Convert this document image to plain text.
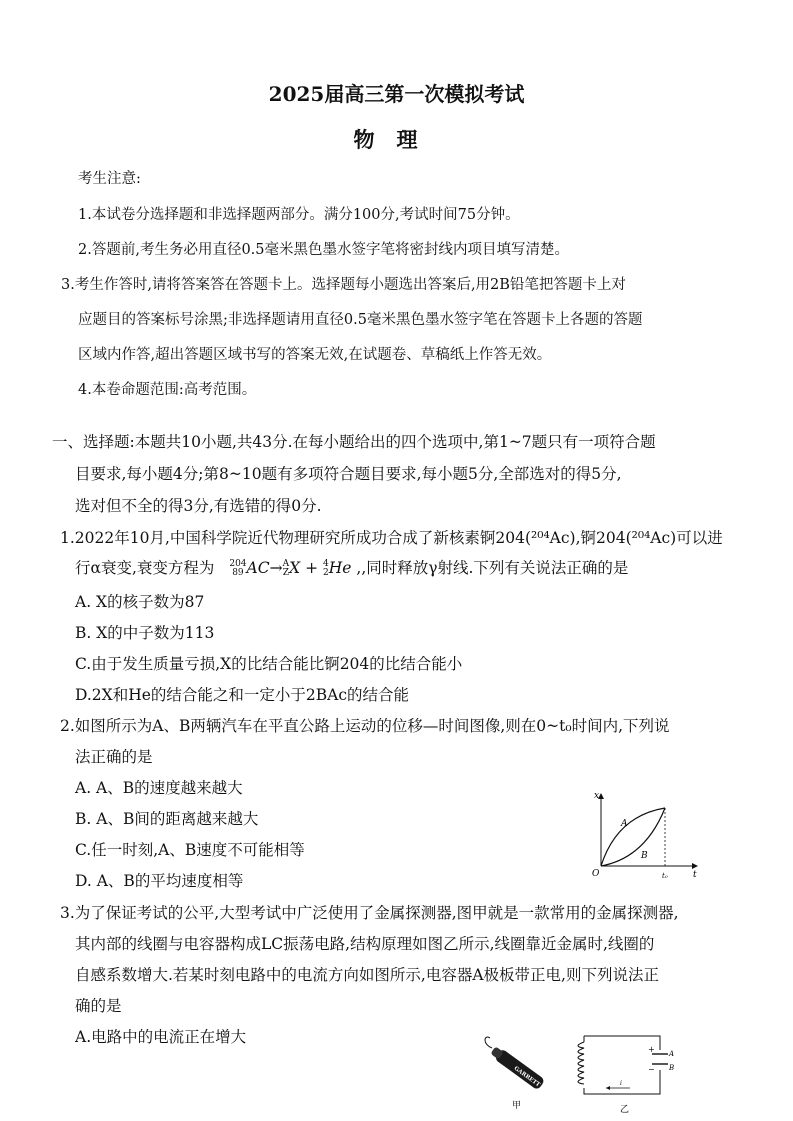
2025届高三第一次模拟考试
物理
考生注意:
1.本试卷分选择题和非选择题两部分。满分100分,考试时间75分钟。
2.答题前,考生务必用直径0.5毫米黑色墨水签字笔将密封线内项目填写清楚。
3.考生作答时,请将答案答在答题卡上。选择题每小题选出答案后,用2B铅笔把答题卡上对
应题目的答案标号涂黑;非选择题请用直径0.5毫米黑色墨水签字笔在答题卡上各题的答题
区域内作答,超出答题区域书写的答案无效,在试题卷、草稿纸上作答无效。
4.本卷命题范围:高考范围。
一、选择题:本题共10小题,共43分.在每小题给出的四个选项中,第1~7题只有一项符合题
目要求,每小题4分;第8~10题有多项符合题目要求,每小题5分,全部选对的得5分,
选对但不全的得3分,有选错的得0分.
1.2022年10月,中国科学院近代物理研究所成功合成了新核素锕204(²⁰⁴Ac),锕204(²⁰⁴Ac)可以进
行α衰变,衰变方程为 204
89 AC→A
ZX + 4
2He ,,同时释放γ射线.下列有关说法正确的是
A. X的核子数为87
B. X的中子数为113
C.由于发生质量亏损,X的比结合能比锕204的比结合能小
D.2X和He的结合能之和一定小于2BAc的结合能
2.如图所示为A、B两辆汽车在平直公路上运动的位移—时间图像,则在0~t₀时间内,下列说
法正确的是
A. A、B的速度越来越大
B. A、B间的距离越来越大
C.任一时刻,A、B速度不可能相等
D. A、B的平均速度相等
x
t
O
A
B
t₀
3.为了保证考试的公平,大型考试中广泛使用了金属探测器,图甲就是一款常用的金属探测器,
其内部的线圈与电容器构成LC振荡电路,结构原理如图乙所示,线圈靠近金属时,线圈的
自感系数增大.若某时刻电路中的电流方向如图所示,电容器A极板带正电,则下列说法正
确的是
A.电路中的电流正在增大
GARRETT
甲
+
−
A
B
i
乙
